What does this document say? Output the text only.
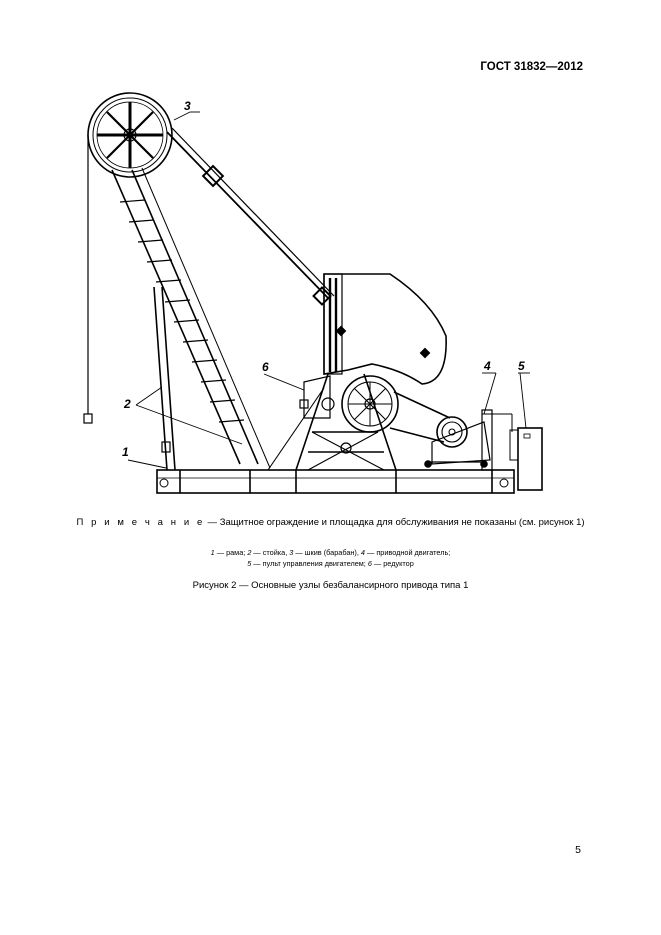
ГОСТ 31832—2012
3
2
1
6	4 5
П р и м е ч а н и е — Защитное ограждение и площадка для обслуживания не показаны (см. рисунок 1)
1 — рама; 2 — стойка, 3 — шкив (барабан), 4 — приводной двигатель;
5 — пульт управления двигателем; 6 — редуктор
Рисунок 2 — Основные узлы безбалансирного привода типа 1
5
